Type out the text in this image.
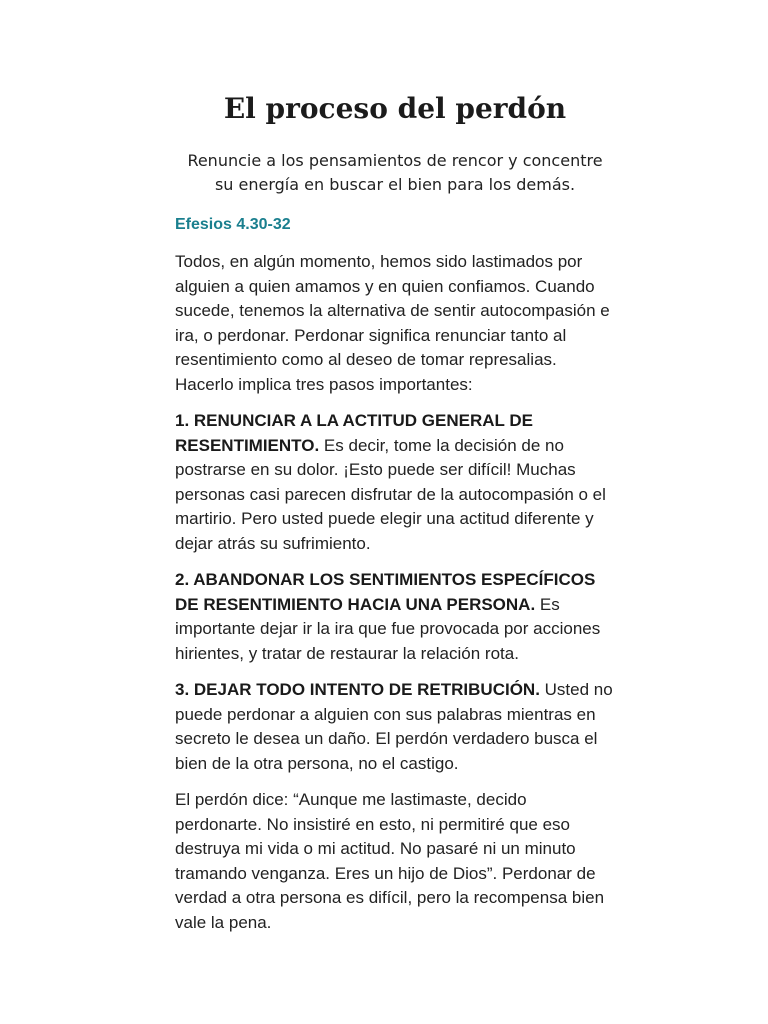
El proceso del perdón
Renuncie a los pensamientos de rencor y concentre
su energía en buscar el bien para los demás.
Efesios 4.30-32

Todos, en algún momento, hemos sido lastimados por alguien a quien amamos y en quien confiamos. Cuando sucede, tenemos la alternativa de sentir autocompasión e ira, o perdonar. Perdonar significa renunciar tanto al resentimiento como al deseo de tomar represalias. Hacerlo implica tres pasos importantes:

1. RENUNCIAR A LA ACTITUD GENERAL DE RESENTIMIENTO. Es decir, tome la decisión de no postrarse en su dolor. ¡Esto puede ser difícil! Muchas personas casi parecen disfrutar de la autocompasión o el martirio. Pero usted puede elegir una actitud diferente y dejar atrás su sufrimiento.

2. ABANDONAR LOS SENTIMIENTOS ESPECÍFICOS DE RESENTIMIENTO HACIA UNA PERSONA. Es importante dejar ir la ira que fue provocada por acciones hirientes, y tratar de restaurar la relación rota.

3. DEJAR TODO INTENTO DE RETRIBUCIÓN. Usted no puede perdonar a alguien con sus palabras mientras en secreto le desea un daño. El perdón verdadero busca el bien de la otra persona, no el castigo.

El perdón dice: “Aunque me lastimaste, decido perdonarte. No insistiré en esto, ni permitiré que eso destruya mi vida o mi actitud. No pasaré ni un minuto tramando venganza. Eres un hijo de Dios”. Perdonar de verdad a otra persona es difícil, pero la recompensa bien vale la pena.
